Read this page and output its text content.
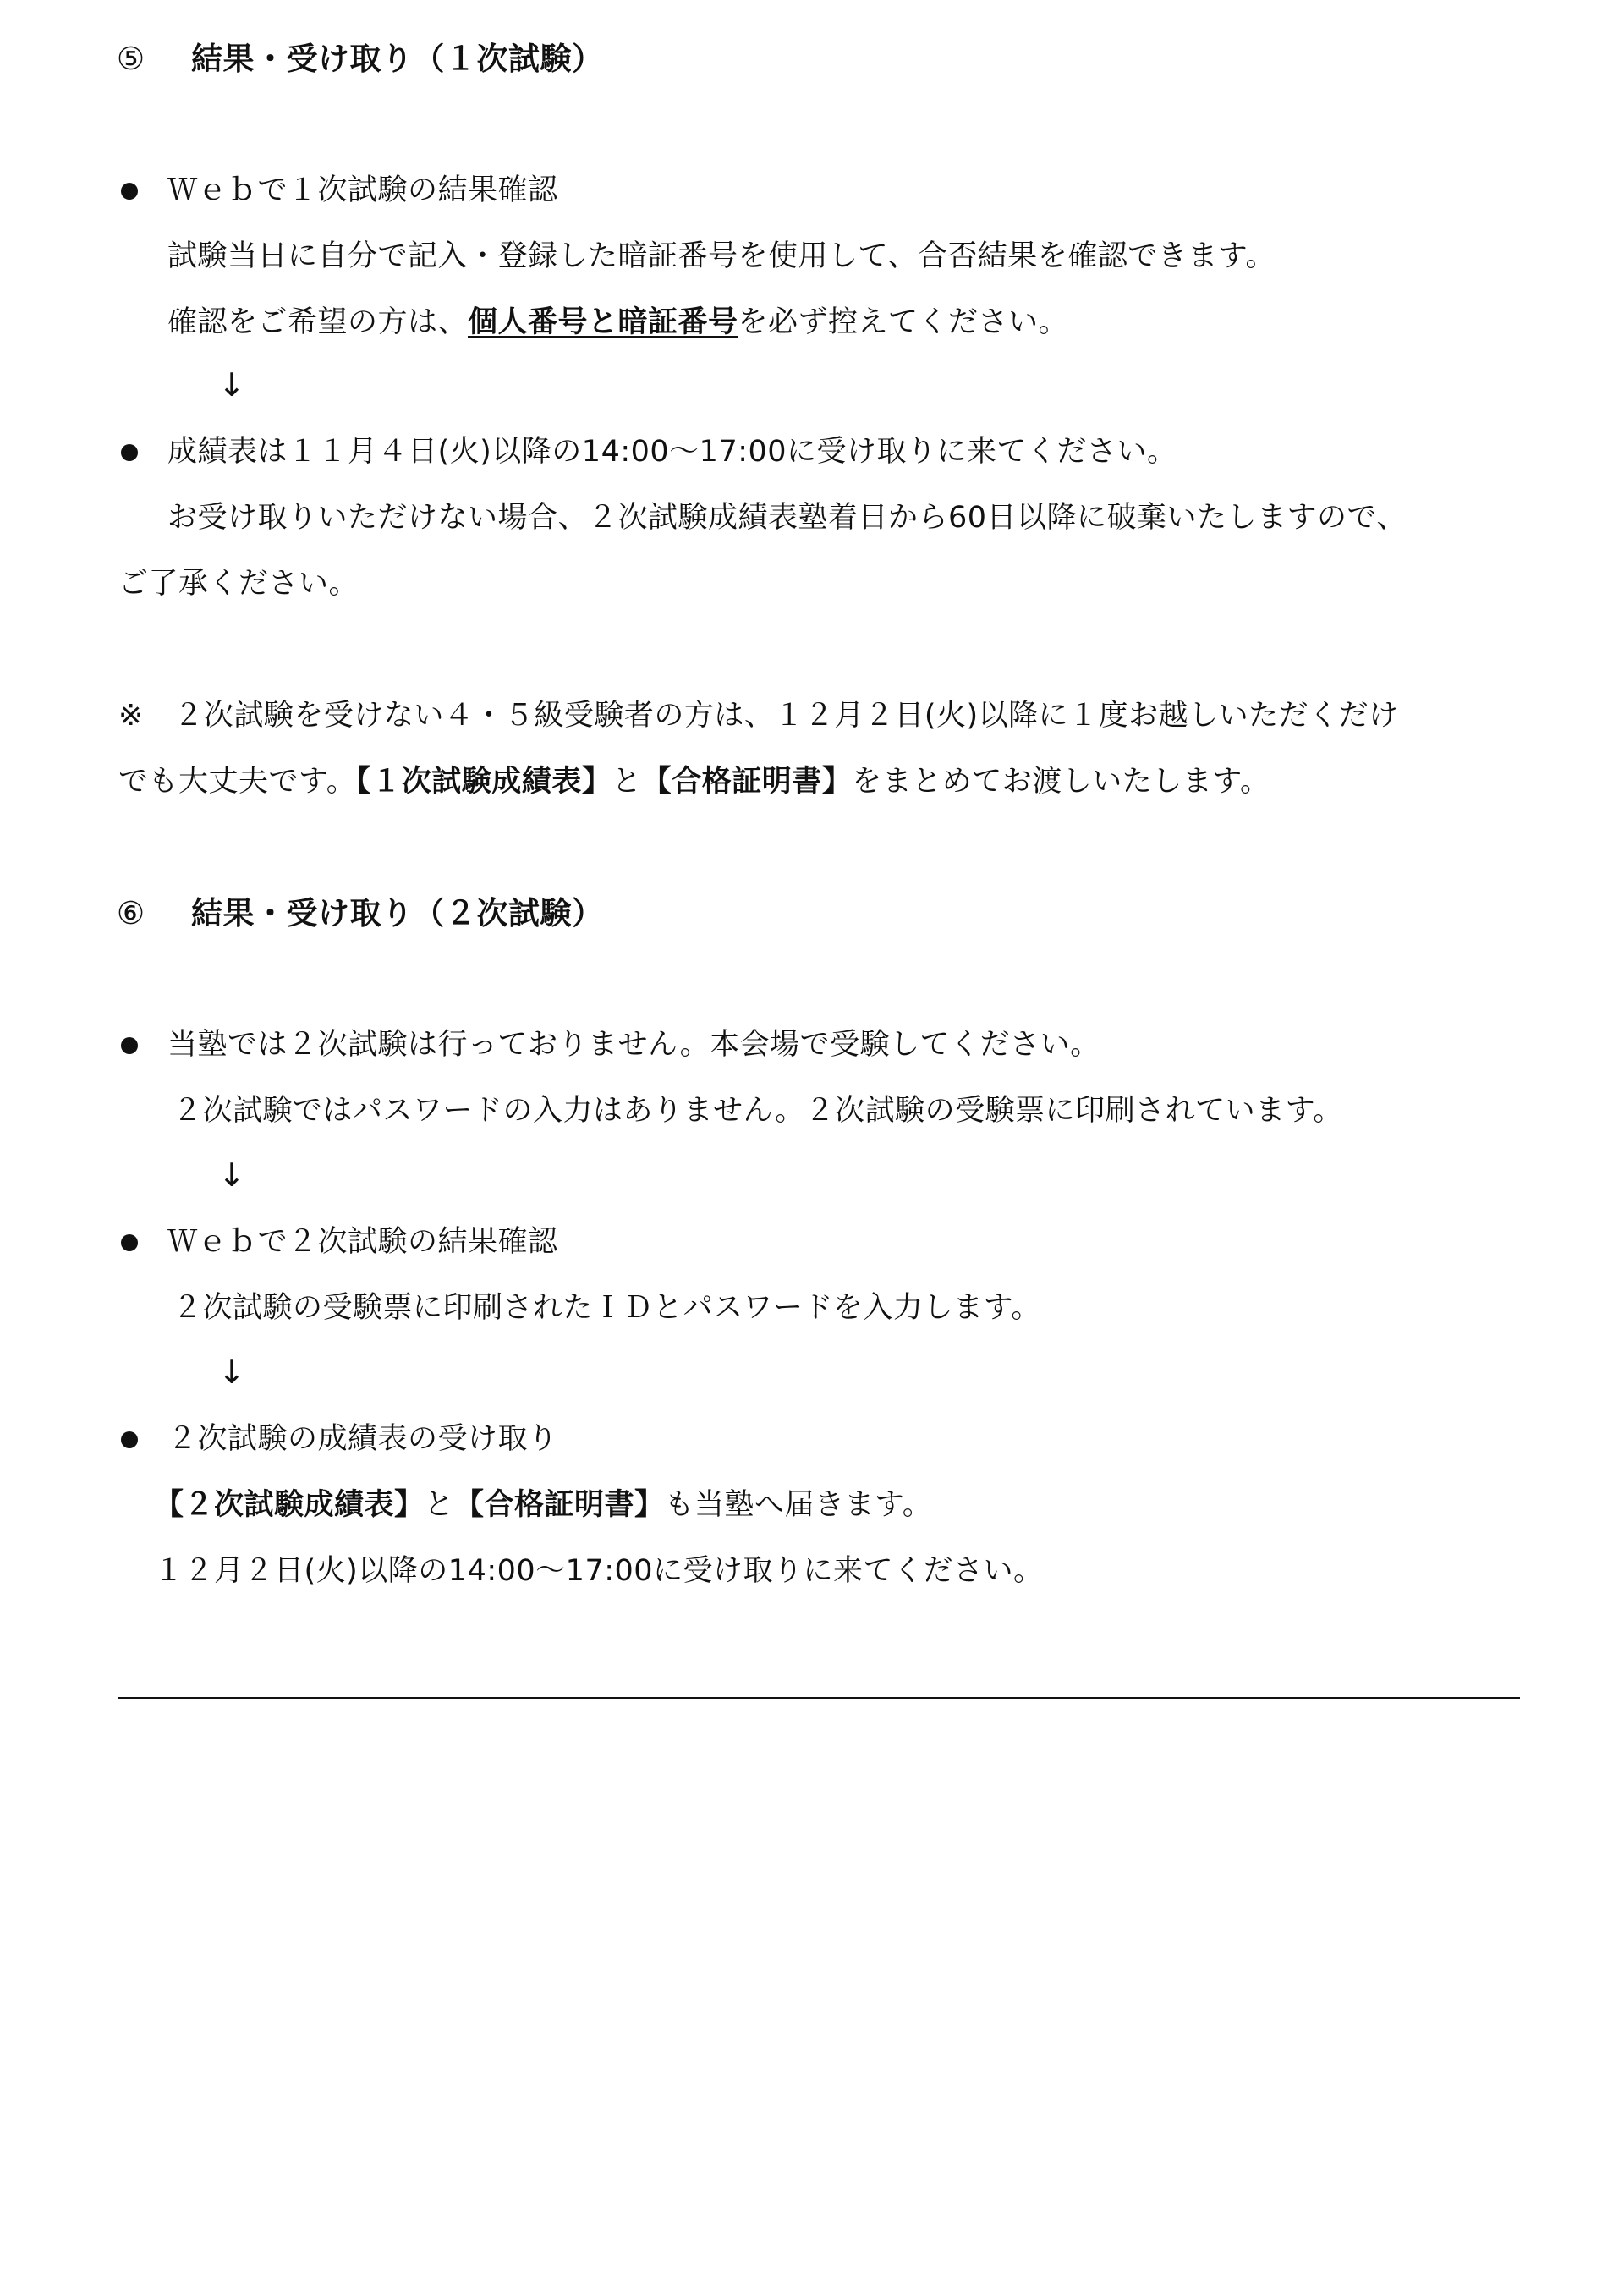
⑤ 結果・受け取り（１次試験）
Ｗｅｂで１次試験の結果確認
試験当日に自分で記入・登録した暗証番号を使用して、合否結果を確認できます。
確認をご希望の方は、個人番号と暗証番号を必ず控えてください。
↓
成績表は１１月４日(火)以降の14:00～17:00に受け取りに来てください。
お受け取りいただけない場合、２次試験成績表塾着日から60日以降に破棄いたしますので、
ご了承ください。
※　２次試験を受けない４・５級受験者の方は、１２月２日(火)以降に１度お越しいただくだけ
でも大丈夫です。【１次試験成績表】と【合格証明書】をまとめてお渡しいたします。
⑥ 結果・受け取り（２次試験）
当塾では２次試験は行っておりません。本会場で受験してください。
２次試験ではパスワードの入力はありません。２次試験の受験票に印刷されています。
↓
Ｗｅｂで２次試験の結果確認
２次試験の受験票に印刷されたＩＤとパスワードを入力します。
↓
２次試験の成績表の受け取り
【２次試験成績表】と【合格証明書】も当塾へ届きます。
１２月２日(火)以降の14:00～17:00に受け取りに来てください。
